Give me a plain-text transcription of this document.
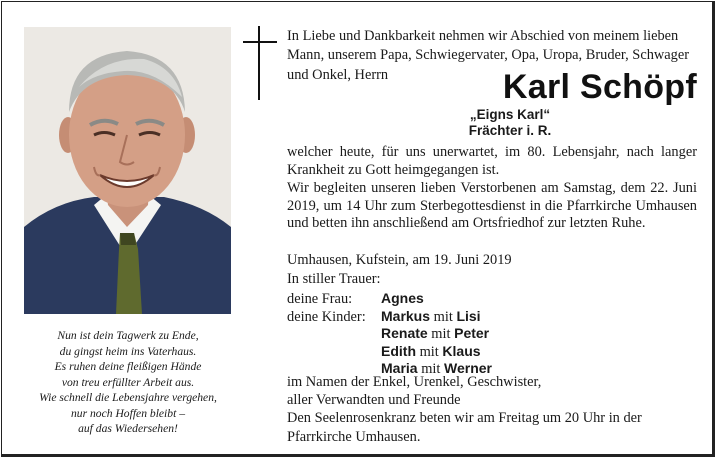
Nun ist dein Tagwerk zu Ende,
du gingst heim ins Vaterhaus.
Es ruhen deine fleißigen Hände
von treu erfüllter Arbeit aus.
Wie schnell die Lebensjahre vergehen,
nur noch Hoffen bleibt –
auf das Wiedersehen!
In Liebe und Dankbarkeit nehmen wir Abschied von meinem lieben Mann, unserem Papa, Schwiegervater, Opa, Uropa, Bruder, Schwager und Onkel, Herrn	Karl Schöpf
„Eigns Karl“
Frächter i. R.
welcher heute, für uns unerwartet, im 80. Lebensjahr, nach langer Krankheit zu Gott heimgegangen ist.
Wir begleiten unseren lieben Verstorbenen am Samstag, dem 22. Juni 2019, um 14 Uhr zum Sterbegottesdienst in die Pfarrkirche Umhausen und betten ihn anschließend am Ortsfriedhof zur letzten Ruhe.
Umhausen, Kufstein, am 19. Juni 2019
In stiller Trauer:
deine Frau: Agnes
deine Kinder: Markus mit Lisi
Renate mit Peter
Edith mit Klaus
Maria mit Werner
im Namen der Enkel, Urenkel, Geschwister,
aller Verwandten und Freunde
Den Seelenrosenkranz beten wir am Freitag um 20 Uhr in der Pfarrkirche Umhausen.
